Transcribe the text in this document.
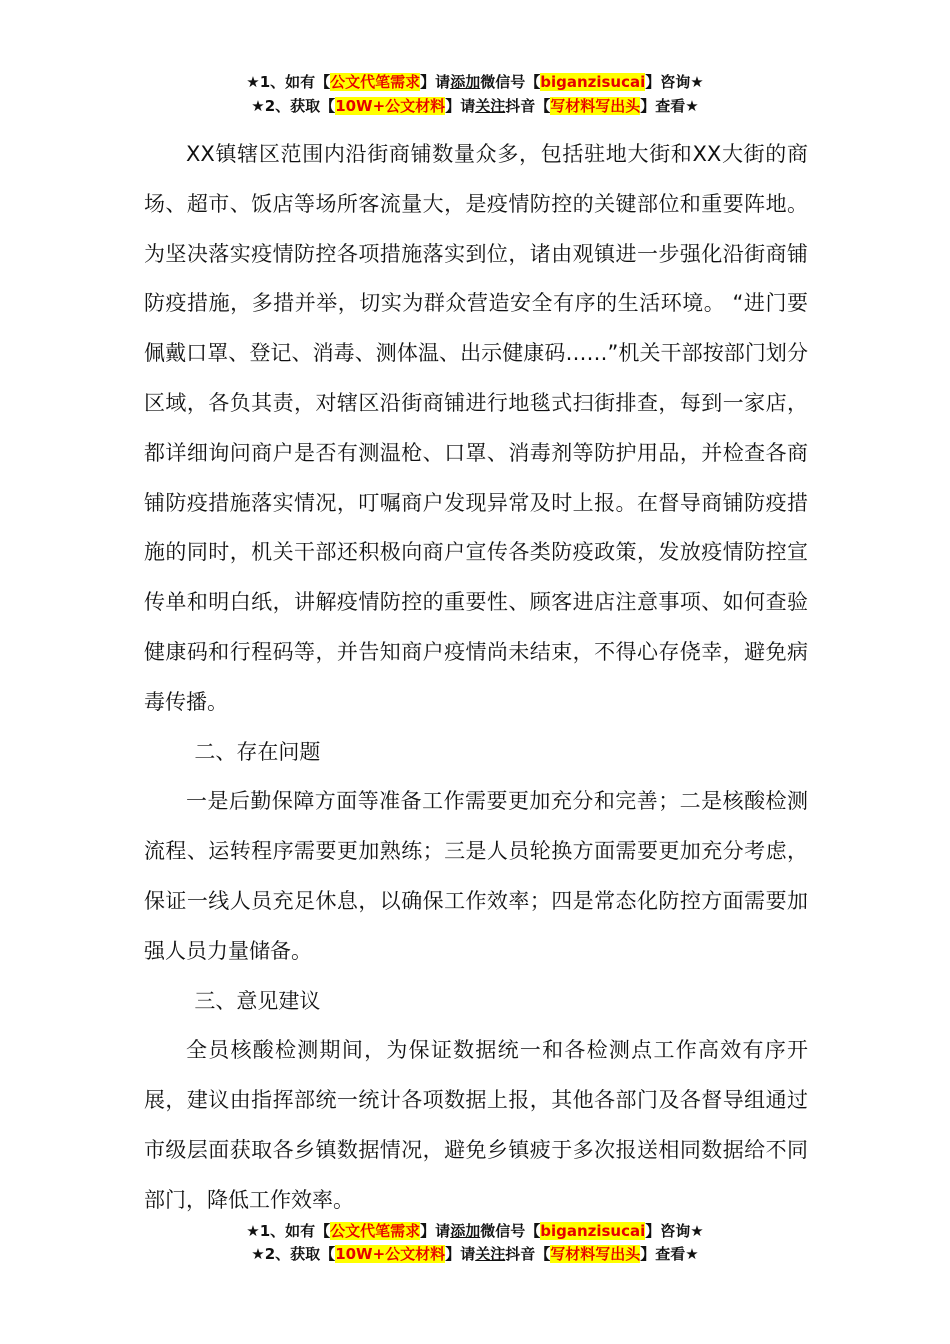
★1、如有【公文代笔需求】请添加微信号【biganzisucai】咨询★
★2、获取【10W+公文材料】请关注抖音【写材料写出头】查看★

XX镇辖区范围内沿街商铺数量众多，包括驻地大街和XX大街的商场、超市、饭店等场所客流量大，是疫情防控的关键部位和重要阵地。为坚决落实疫情防控各项措施落实到位，诸由观镇进一步强化沿街商铺防疫措施，多措并举，切实为群众营造安全有序的生活环境。 “进门要佩戴口罩、登记、消毒、测体温、出示健康码……”机关干部按部门划分区域，各负其责，对辖区沿街商铺进行地毯式扫街排查，每到一家店，都详细询问商户是否有测温枪、口罩、消毒剂等防护用品，并检查各商铺防疫措施落实情况，叮嘱商户发现异常及时上报。在督导商铺防疫措施的同时，机关干部还积极向商户宣传各类防疫政策，发放疫情防控宣传单和明白纸，讲解疫情防控的重要性、顾客进店注意事项、如何查验健康码和行程码等，并告知商户疫情尚未结束，不得心存侥幸，避免病毒传播。

二、存在问题

一是后勤保障方面等准备工作需要更加充分和完善；二是核酸检测流程、运转程序需要更加熟练；三是人员轮换方面需要更加充分考虑，保证一线人员充足休息，以确保工作效率；四是常态化防控方面需要加强人员力量储备。

三、意见建议

全员核酸检测期间，为保证数据统一和各检测点工作高效有序开展，建议由指挥部统一统计各项数据上报，其他各部门及各督导组通过市级层面获取各乡镇数据情况，避免乡镇疲于多次报送相同数据给不同部门，降低工作效率。

★1、如有【公文代笔需求】请添加微信号【biganzisucai】咨询★
★2、获取【10W+公文材料】请关注抖音【写材料写出头】查看★
